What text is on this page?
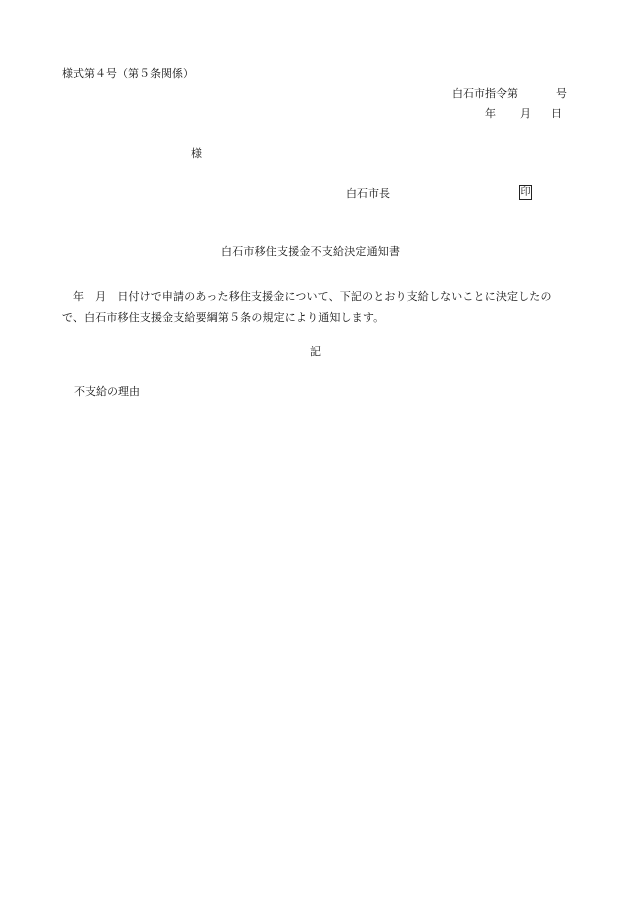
様式第４号（第５条関係）
白石市指令第	号
年 月 日
様
白石市長	印
白石市移住支援金不支給決定通知書
年 月 日付けで申請のあった移住支援金について、下記のとおり支給しないことに決定したので、白石市移住支援金支給要綱第５条の規定により通知します。
記
不支給の理由
